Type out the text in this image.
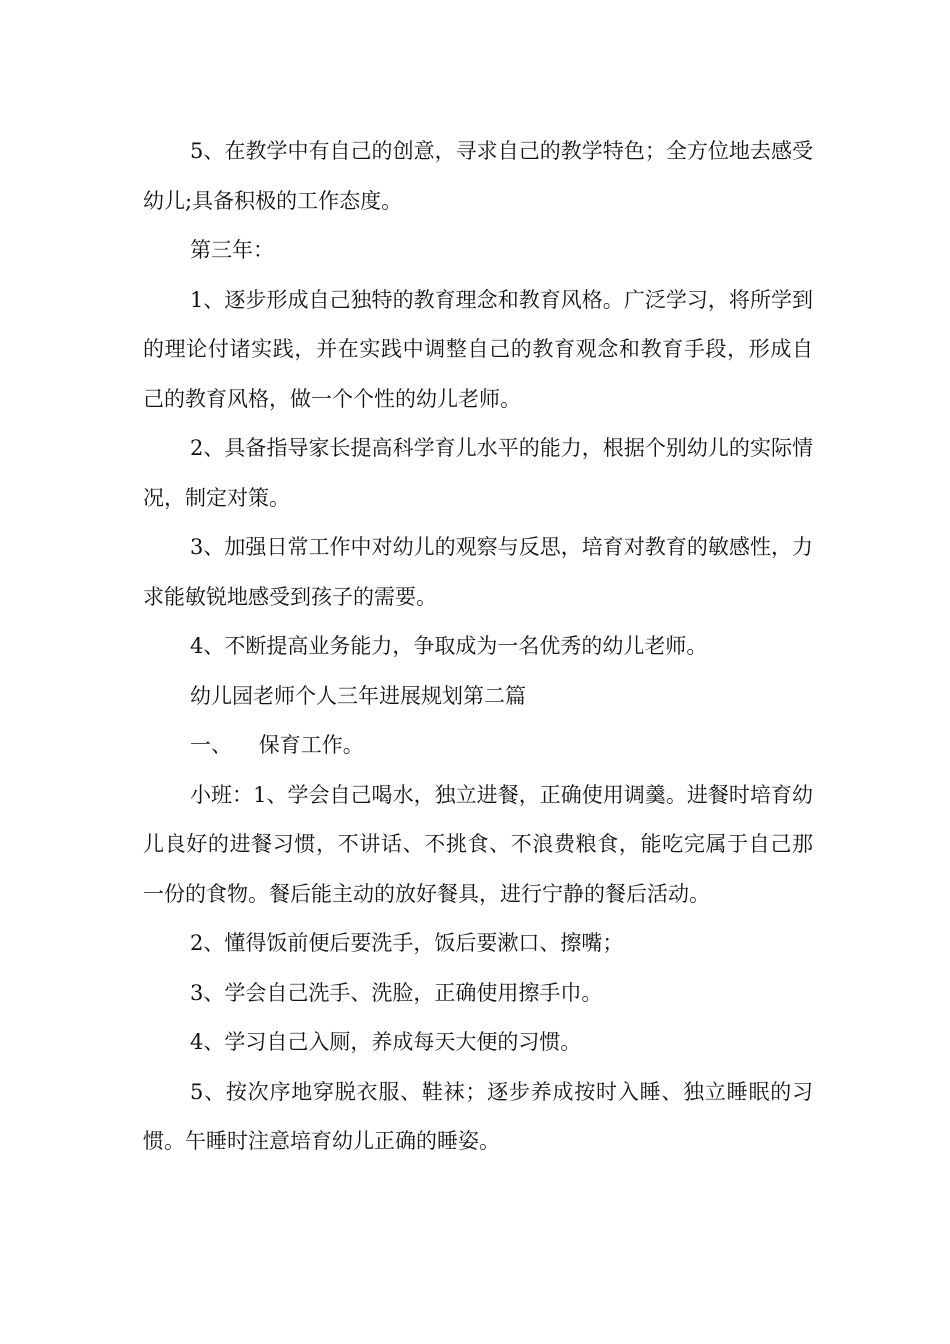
5、在教学中有自己的创意，寻求自己的教学特色；全方位地去感受幼儿;具备积极的工作态度。

第三年：

1、逐步形成自己独特的教育理念和教育风格。广泛学习，将所学到的理论付诸实践，并在实践中调整自己的教育观念和教育手段，形成自己的教育风格，做一个个性的幼儿老师。

2、具备指导家长提高科学育儿水平的能力，根据个别幼儿的实际情况，制定对策。

3、加强日常工作中对幼儿的观察与反思，培育对教育的敏感性，力求能敏锐地感受到孩子的需要。

4、不断提高业务能力，争取成为一名优秀的幼儿老师。

幼儿园老师个人三年进展规划第二篇

一、    保育工作。

小班：1、学会自己喝水，独立进餐，正确使用调羹。进餐时培育幼儿良好的进餐习惯，不讲话、不挑食、不浪费粮食，能吃完属于自己那一份的食物。餐后能主动的放好餐具，进行宁静的餐后活动。

2、懂得饭前便后要洗手，饭后要漱口、擦嘴；

3、学会自己洗手、洗脸，正确使用擦手巾。

4、学习自己入厕，养成每天大便的习惯。

5、按次序地穿脱衣服、鞋袜；逐步养成按时入睡、独立睡眠的习惯。午睡时注意培育幼儿正确的睡姿。
